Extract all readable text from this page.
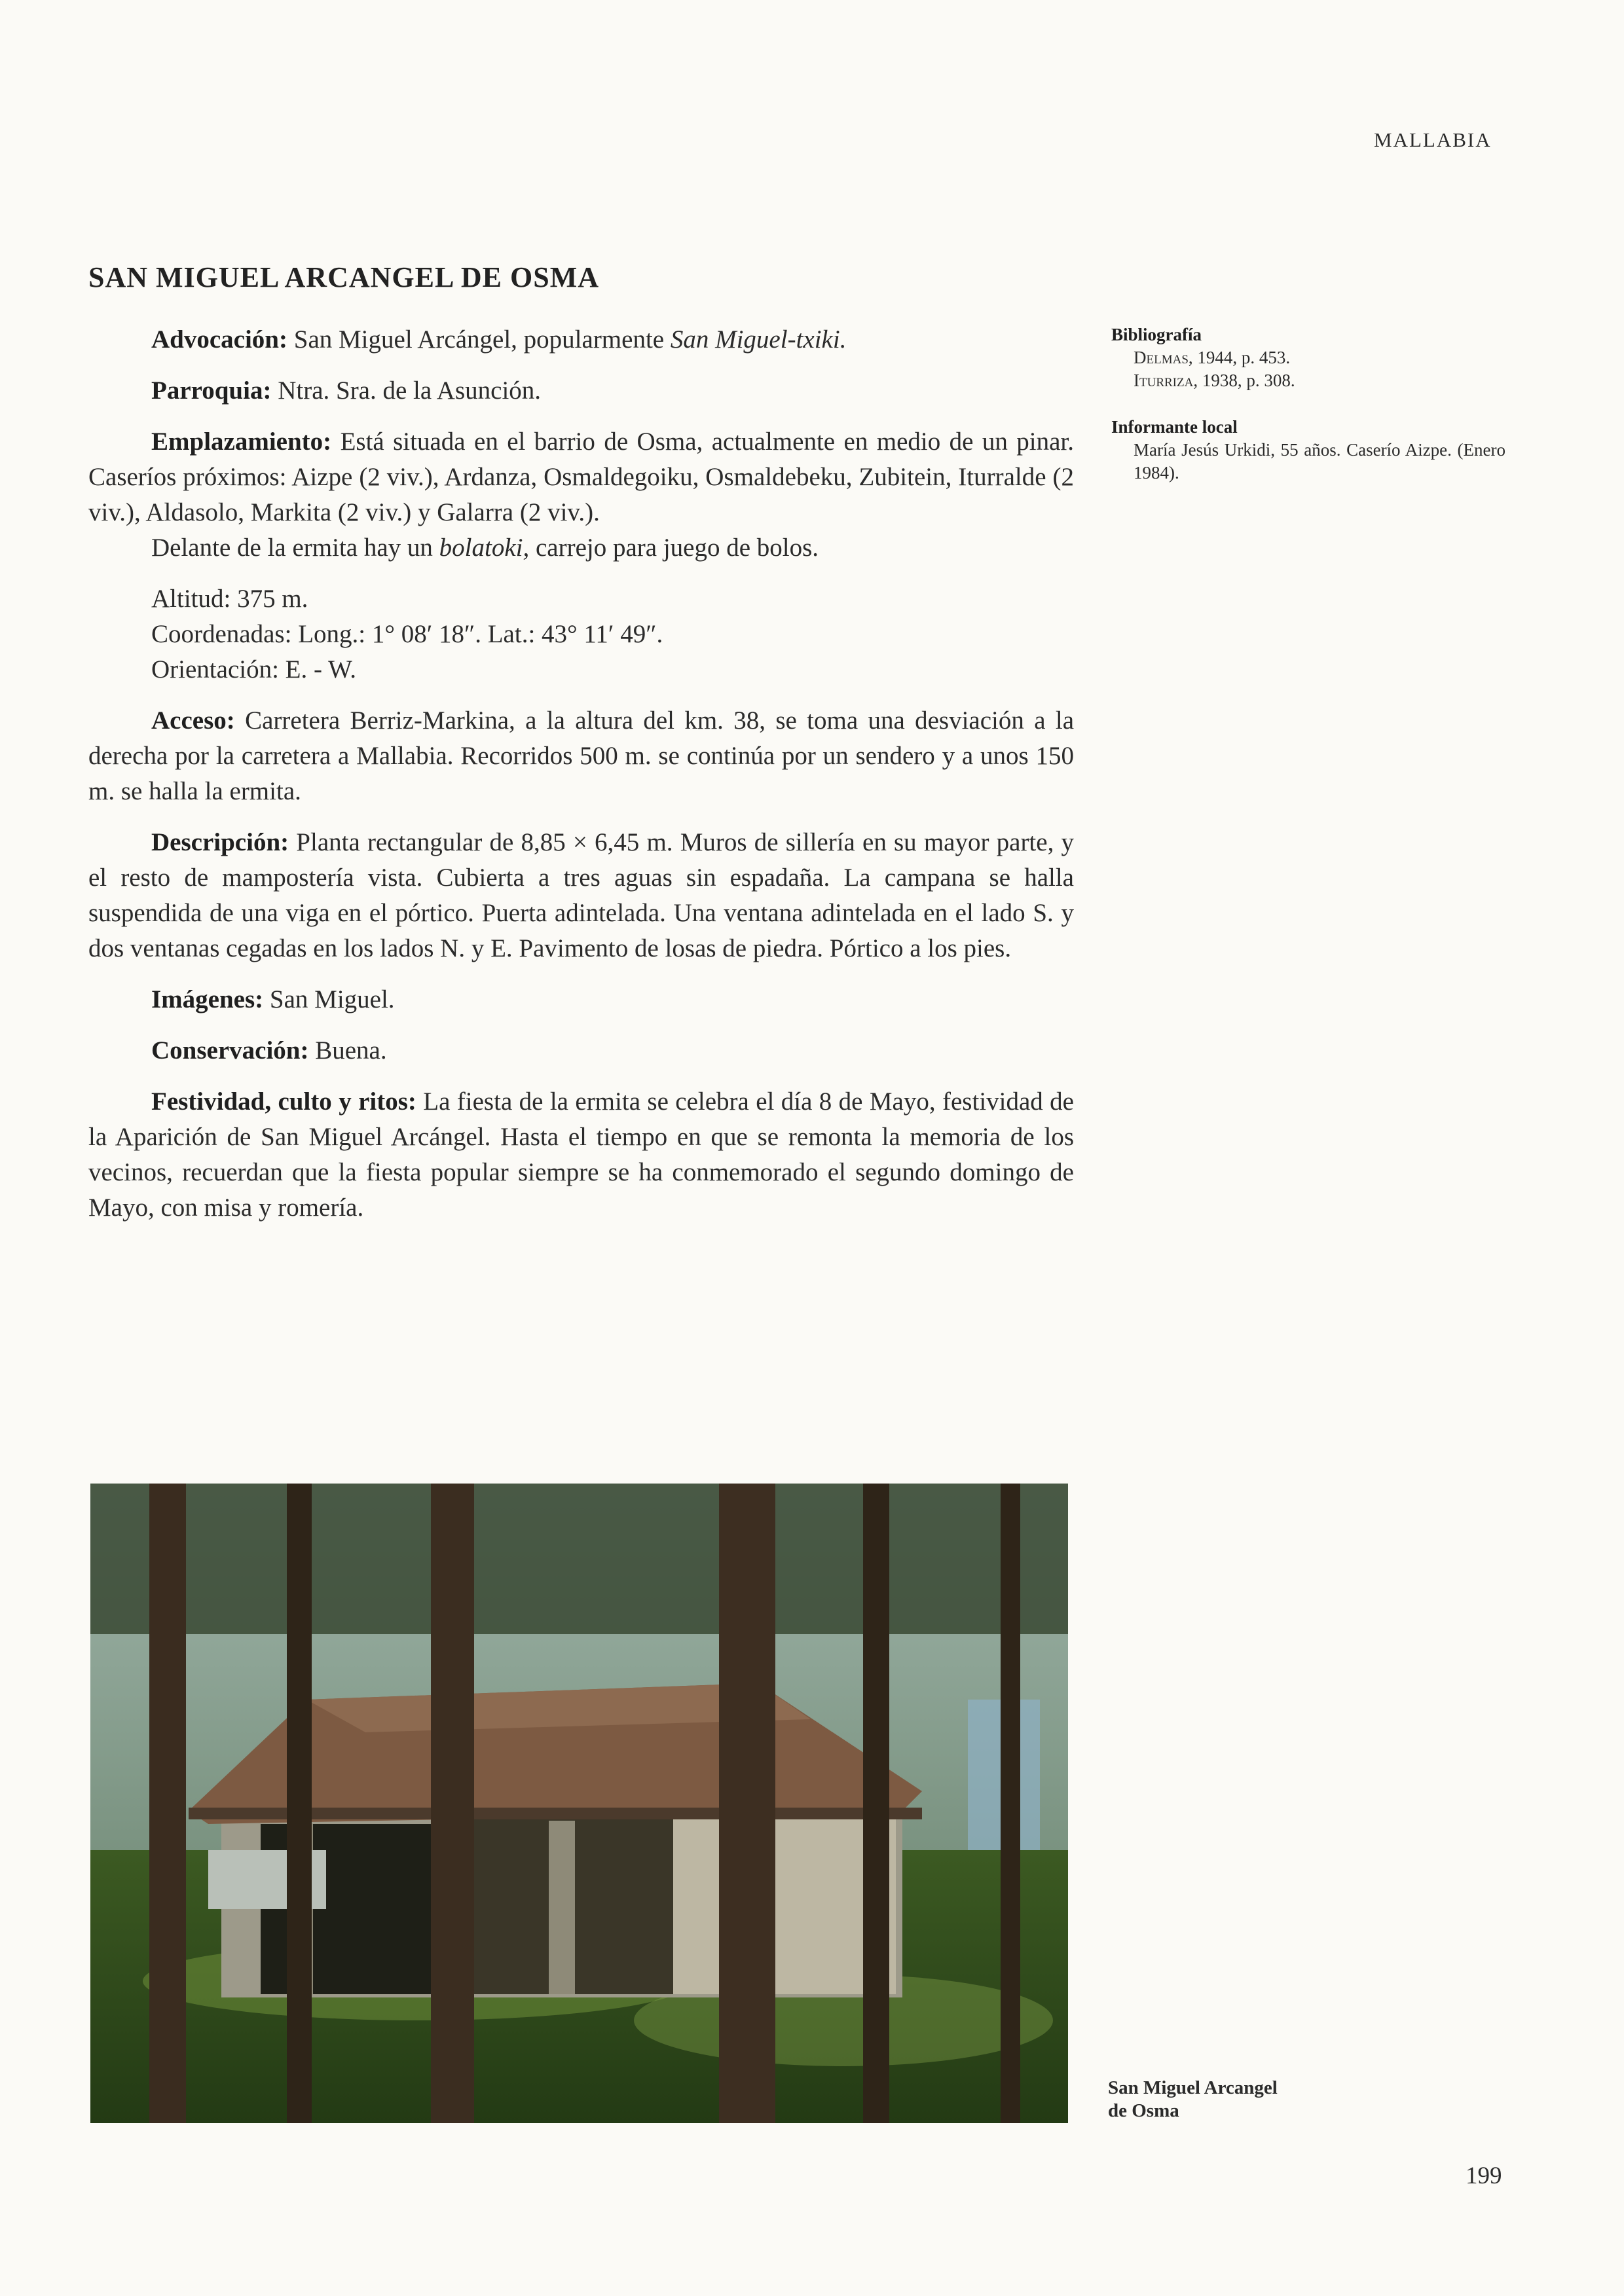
MALLABIA
SAN MIGUEL ARCANGEL DE OSMA

Advocación: San Miguel Arcángel, popularmente San Miguel-txiki.

Parroquia: Ntra. Sra. de la Asunción.

Emplazamiento: Está situada en el barrio de Osma, actualmente en medio de un pinar. Caseríos próximos: Aizpe (2 viv.), Ardanza, Osmaldegoiku, Osmaldebeku, Zubitein, Iturralde (2 viv.), Aldasolo, Markita (2 viv.) y Galarra (2 viv.).

Delante de la ermita hay un bolatoki, carrejo para juego de bolos.

Altitud: 375 m.
Coordenadas: Long.: 1° 08′ 18″. Lat.: 43° 11′ 49″.
Orientación: E. - W.

Acceso: Carretera Berriz-Markina, a la altura del km. 38, se toma una desviación a la derecha por la carretera a Mallabia. Recorridos 500 m. se continúa por un sendero y a unos 150 m. se halla la ermita.

Descripción: Planta rectangular de 8,85 × 6,45 m. Muros de sillería en su mayor parte, y el resto de mampostería vista. Cubierta a tres aguas sin espadaña. La campana se halla suspendida de una viga en el pórtico. Puerta adintelada. Una ventana adintelada en el lado S. y dos ventanas cegadas en los lados N. y E. Pavimento de losas de piedra. Pórtico a los pies.

Imágenes: San Miguel.

Conservación: Buena.

Festividad, culto y ritos: La fiesta de la ermita se celebra el día 8 de Mayo, festividad de la Aparición de San Miguel Arcángel. Hasta el tiempo en que se remonta la memoria de los vecinos, recuerdan que la fiesta popular siempre se ha conmemorado el segundo domingo de Mayo, con misa y romería.

Bibliografía
Delmas, 1944, p. 453.
Iturriza, 1938, p. 308.
Informante local
María Jesús Urkidi, 55 años. Caserío Aizpe. (Enero 1984).
San Miguel Arcangel
de Osma
199
